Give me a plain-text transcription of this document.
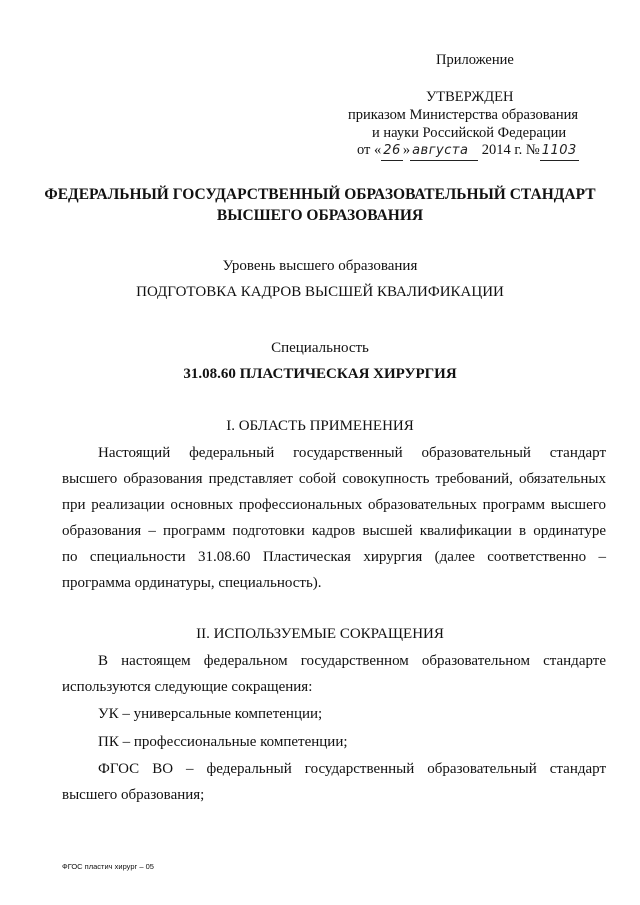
Приложение
УТВЕРЖДЕН
приказом Министерства образования
и науки Российской Федерации
от « 26 » августа 2014 г. № 1103
ФЕДЕРАЛЬНЫЙ ГОСУДАРСТВЕННЫЙ ОБРАЗОВАТЕЛЬНЫЙ СТАНДАРТ
ВЫСШЕГО ОБРАЗОВАНИЯ
Уровень высшего образования
ПОДГОТОВКА КАДРОВ ВЫСШЕЙ КВАЛИФИКАЦИИ
Специальность
31.08.60 ПЛАСТИЧЕСКАЯ ХИРУРГИЯ
I. ОБЛАСТЬ ПРИМЕНЕНИЯ
Настоящий федеральный государственный образовательный стандарт
высшего образования представляет собой совокупность требований, обязательных
при реализации основных профессиональных образовательных программ высшего
образования – программ подготовки кадров высшей квалификации в ординатуре
по специальности 31.08.60 Пластическая хирургия (далее соответственно –
программа ординатуры, специальность).
II. ИСПОЛЬЗУЕМЫЕ СОКРАЩЕНИЯ
В настоящем федеральном государственном образовательном стандарте
используются следующие сокращения:
УК – универсальные компетенции;
ПК – профессиональные компетенции;
ФГОС ВО – федеральный государственный образовательный стандарт
высшего образования;
ФГОС пластич хирург – 05
